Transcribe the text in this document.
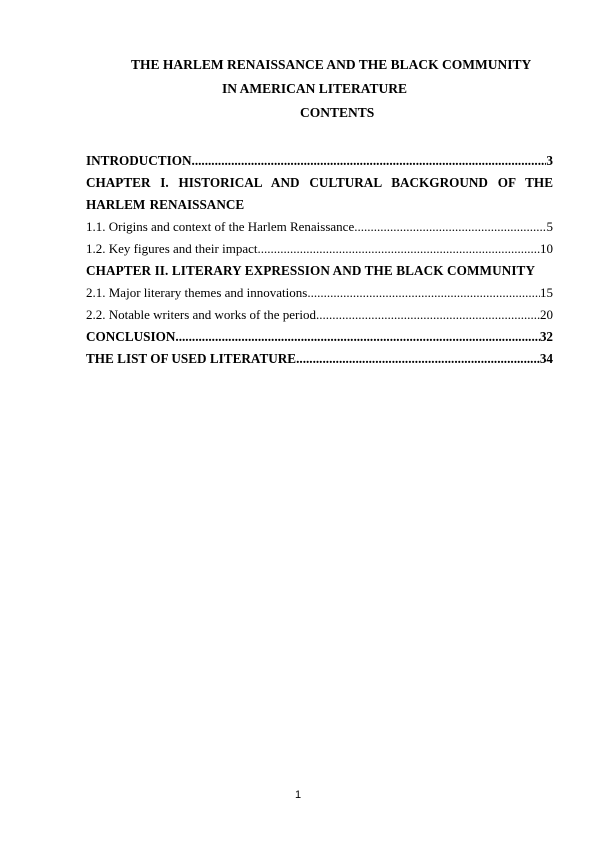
THE HARLEM RENAISSANCE AND THE BLACK COMMUNITY
IN AMERICAN LITERATURE
CONTENTS
INTRODUCTION .....	3
CHAPTER I. HISTORICAL AND CULTURAL BACKGROUND OF THE
HARLEM RENAISSANCE
1.1. Origins and context of the Harlem Renaissance .....	5
1.2. Key figures and their impact .....	10
CHAPTER II. LITERARY EXPRESSION AND THE BLACK COMMUNITY
2.1. Major literary themes and innovations .....	15
2.2. Notable writers and works of the period .....	20
CONCLUSION .....	32
THE LIST OF USED LITERATURE .....	34
1
